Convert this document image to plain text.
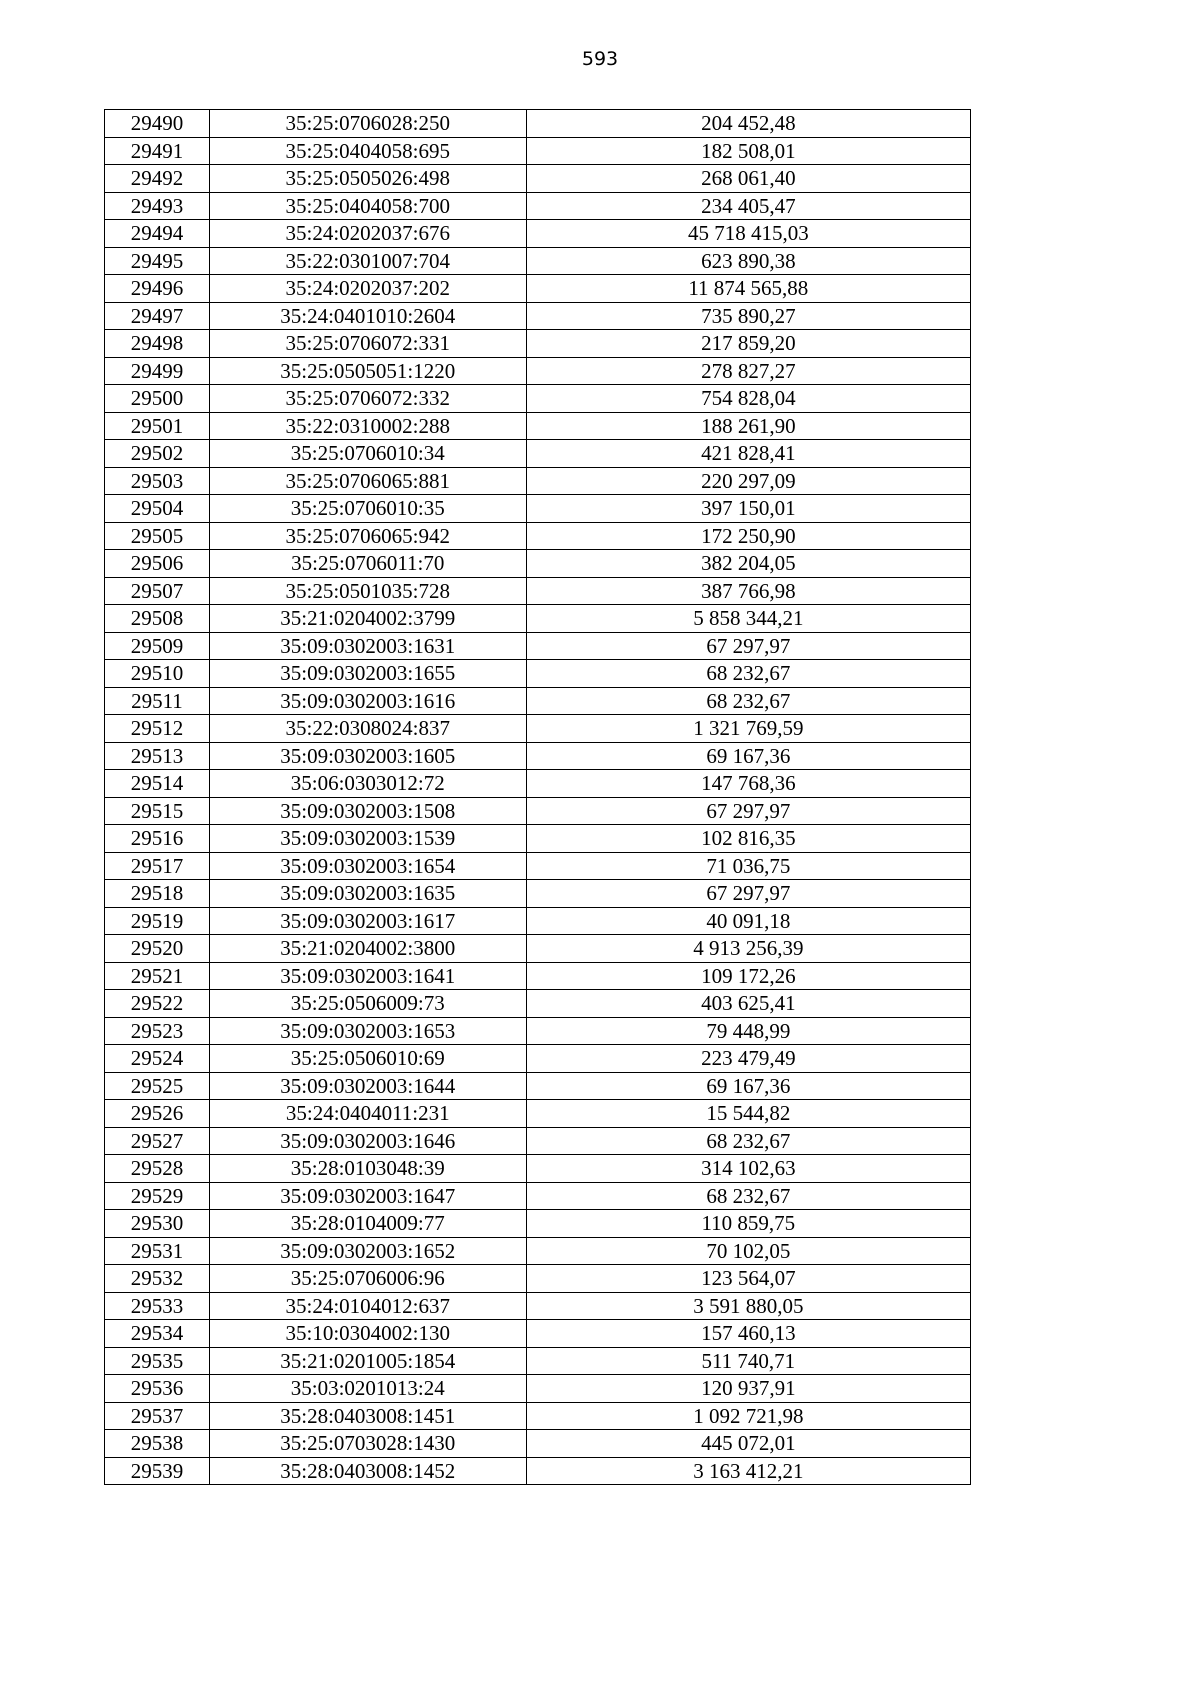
593
29490	35:25:0706028:250	204 452,48
29491	35:25:0404058:695	182 508,01
29492	35:25:0505026:498	268 061,40
29493	35:25:0404058:700	234 405,47
29494	35:24:0202037:676	45 718 415,03
29495	35:22:0301007:704	623 890,38
29496	35:24:0202037:202	11 874 565,88
29497	35:24:0401010:2604	735 890,27
29498	35:25:0706072:331	217 859,20
29499	35:25:0505051:1220	278 827,27
29500	35:25:0706072:332	754 828,04
29501	35:22:0310002:288	188 261,90
29502	35:25:0706010:34	421 828,41
29503	35:25:0706065:881	220 297,09
29504	35:25:0706010:35	397 150,01
29505	35:25:0706065:942	172 250,90
29506	35:25:0706011:70	382 204,05
29507	35:25:0501035:728	387 766,98
29508	35:21:0204002:3799	5 858 344,21
29509	35:09:0302003:1631	67 297,97
29510	35:09:0302003:1655	68 232,67
29511	35:09:0302003:1616	68 232,67
29512	35:22:0308024:837	1 321 769,59
29513	35:09:0302003:1605	69 167,36
29514	35:06:0303012:72	147 768,36
29515	35:09:0302003:1508	67 297,97
29516	35:09:0302003:1539	102 816,35
29517	35:09:0302003:1654	71 036,75
29518	35:09:0302003:1635	67 297,97
29519	35:09:0302003:1617	40 091,18
29520	35:21:0204002:3800	4 913 256,39
29521	35:09:0302003:1641	109 172,26
29522	35:25:0506009:73	403 625,41
29523	35:09:0302003:1653	79 448,99
29524	35:25:0506010:69	223 479,49
29525	35:09:0302003:1644	69 167,36
29526	35:24:0404011:231	15 544,82
29527	35:09:0302003:1646	68 232,67
29528	35:28:0103048:39	314 102,63
29529	35:09:0302003:1647	68 232,67
29530	35:28:0104009:77	110 859,75
29531	35:09:0302003:1652	70 102,05
29532	35:25:0706006:96	123 564,07
29533	35:24:0104012:637	3 591 880,05
29534	35:10:0304002:130	157 460,13
29535	35:21:0201005:1854	511 740,71
29536	35:03:0201013:24	120 937,91
29537	35:28:0403008:1451	1 092 721,98
29538	35:25:0703028:1430	445 072,01
29539	35:28:0403008:1452	3 163 412,21
